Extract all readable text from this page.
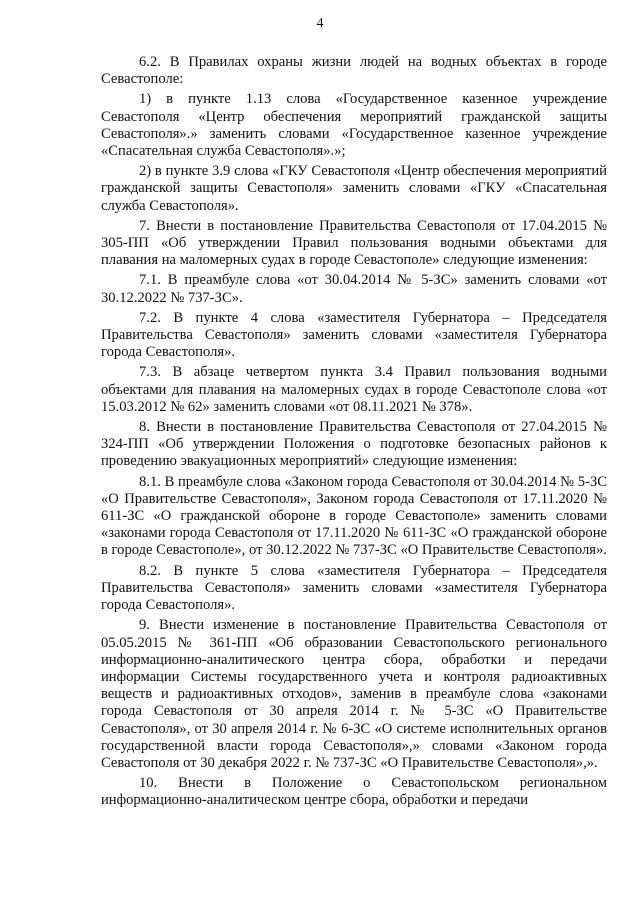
4

6.2. В Правилах охраны жизни людей на водных объектах в городе Севастополе:

1) в пункте 1.13 слова «Государственное казенное учреждение Севастополя «Центр обеспечения мероприятий гражданской защиты Севастополя».» заменить словами «Государственное казенное учреждение «Спасательная служба Севастополя».»;

2) в пункте 3.9 слова «ГКУ Севастополя «Центр обеспечения мероприятий гражданской защиты Севастополя» заменить словами «ГКУ «Спасательная служба Севастополя».

7. Внести в постановление Правительства Севастополя от 17.04.2015 № 305-ПП «Об утверждении Правил пользования водными объектами для плавания на маломерных судах в городе Севастополе» следующие изменения:

7.1. В преамбуле слова «от 30.04.2014 № 5-ЗС» заменить словами «от 30.12.2022 № 737-ЗС».

7.2. В пункте 4 слова «заместителя Губернатора – Председателя Правительства Севастополя» заменить словами «заместителя Губернатора города Севастополя».

7.3. В абзаце четвертом пункта 3.4 Правил пользования водными объектами для плавания на маломерных судах в городе Севастополе слова «от 15.03.2012 № 62» заменить словами «от 08.11.2021 № 378».

8. Внести в постановление Правительства Севастополя от 27.04.2015 № 324-ПП «Об утверждении Положения о подготовке безопасных районов к проведению эвакуационных мероприятий» следующие изменения:

8.1. В преамбуле слова «Законом города Севастополя от 30.04.2014 № 5-ЗС «О Правительстве Севастополя», Законом города Севастополя от 17.11.2020 № 611-ЗС «О гражданской обороне в городе Севастополе» заменить словами «законами города Севастополя от 17.11.2020 № 611-ЗС «О гражданской обороне в городе Севастополе», от 30.12.2022 № 737-ЗС «О Правительстве Севастополя».

8.2. В пункте 5 слова «заместителя Губернатора – Председателя Правительства Севастополя» заменить словами «заместителя Губернатора города Севастополя».

9. Внести изменение в постановление Правительства Севастополя от 05.05.2015 № 361-ПП «Об образовании Севастопольского регионального информационно-аналитического центра сбора, обработки и передачи информации Системы государственного учета и контроля радиоактивных веществ и радиоактивных отходов», заменив в преамбуле слова «законами города Севастополя от 30 апреля 2014 г. № 5-ЗС «О Правительстве Севастополя», от 30 апреля 2014 г. № 6-ЗС «О системе исполнительных органов государственной власти города Севастополя»,» словами «Законом города Севастополя от 30 декабря 2022 г. № 737-ЗС «О Правительстве Севастополя»,».

10. Внести в Положение о Севастопольском региональном информационно-аналитическом центре сбора, обработки и передачи
